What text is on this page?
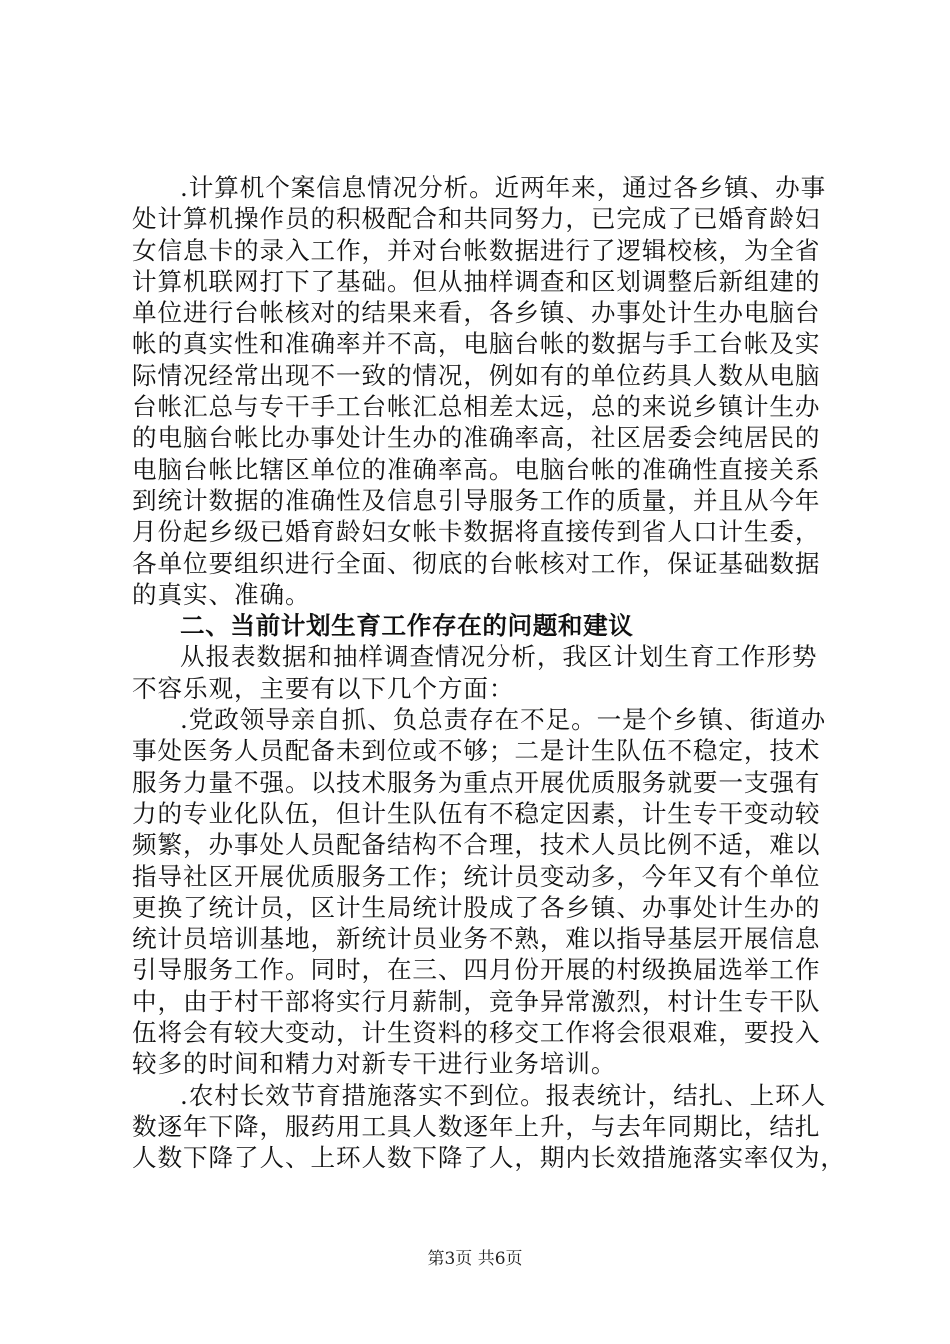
.计算机个案信息情况分析。近两年来，通过各乡镇、办事
处计算机操作员的积极配合和共同努力，已完成了已婚育龄妇
女信息卡的录入工作，并对台帐数据进行了逻辑校核，为全省
计算机联网打下了基础。但从抽样调查和区划调整后新组建的
单位进行台帐核对的结果来看，各乡镇、办事处计生办电脑台
帐的真实性和准确率并不高，电脑台帐的数据与手工台帐及实
际情况经常出现不一致的情况，例如有的单位药具人数从电脑
台帐汇总与专干手工台帐汇总相差太远，总的来说乡镇计生办
的电脑台帐比办事处计生办的准确率高，社区居委会纯居民的
电脑台帐比辖区单位的准确率高。电脑台帐的准确性直接关系
到统计数据的准确性及信息引导服务工作的质量，并且从今年
月份起乡级已婚育龄妇女帐卡数据将直接传到省人口计生委，
各单位要组织进行全面、彻底的台帐核对工作，保证基础数据
的真实、准确。
二、当前计划生育工作存在的问题和建议
从报表数据和抽样调查情况分析，我区计划生育工作形势
不容乐观，主要有以下几个方面：
.党政领导亲自抓、负总责存在不足。一是个乡镇、街道办
事处医务人员配备未到位或不够；二是计生队伍不稳定，技术
服务力量不强。以技术服务为重点开展优质服务就要一支强有
力的专业化队伍，但计生队伍有不稳定因素，计生专干变动较
频繁，办事处人员配备结构不合理，技术人员比例不适，难以
指导社区开展优质服务工作；统计员变动多，今年又有个单位
更换了统计员，区计生局统计股成了各乡镇、办事处计生办的
统计员培训基地，新统计员业务不熟，难以指导基层开展信息
引导服务工作。同时，在三、四月份开展的村级换届选举工作
中，由于村干部将实行月薪制，竞争异常激烈，村计生专干队
伍将会有较大变动，计生资料的移交工作将会很艰难，要投入
较多的时间和精力对新专干进行业务培训。
.农村长效节育措施落实不到位。报表统计，结扎、上环人
数逐年下降，服药用工具人数逐年上升，与去年同期比，结扎
人数下降了人、上环人数下降了人，期内长效措施落实率仅为，
第3页 共6页
